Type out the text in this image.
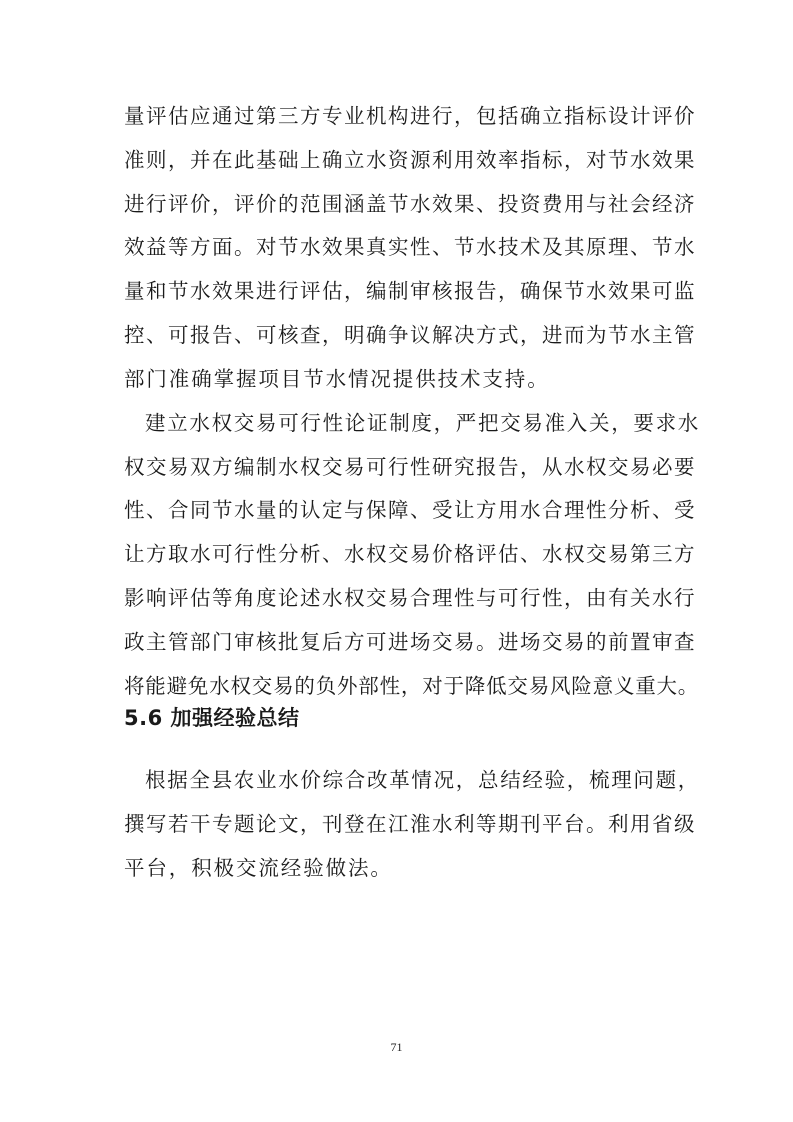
量评估应通过第三方专业机构进行，包括确立指标设计评价
准则，并在此基础上确立水资源利用效率指标，对节水效果
进行评价，评价的范围涵盖节水效果、投资费用与社会经济
效益等方面。对节水效果真实性、节水技术及其原理、节水
量和节水效果进行评估，编制审核报告，确保节水效果可监
控、可报告、可核查，明确争议解决方式，进而为节水主管
部门准确掌握项目节水情况提供技术支持。
建立水权交易可行性论证制度，严把交易准入关，要求水
权交易双方编制水权交易可行性研究报告，从水权交易必要
性、合同节水量的认定与保障、受让方用水合理性分析、受
让方取水可行性分析、水权交易价格评估、水权交易第三方
影响评估等角度论述水权交易合理性与可行性，由有关水行
政主管部门审核批复后方可进场交易。进场交易的前置审查
将能避免水权交易的负外部性，对于降低交易风险意义重大。
5.6 加强经验总结
根据全县农业水价综合改革情况，总结经验，梳理问题，
撰写若干专题论文，刊登在江淮水利等期刊平台。利用省级
平台，积极交流经验做法。
71
